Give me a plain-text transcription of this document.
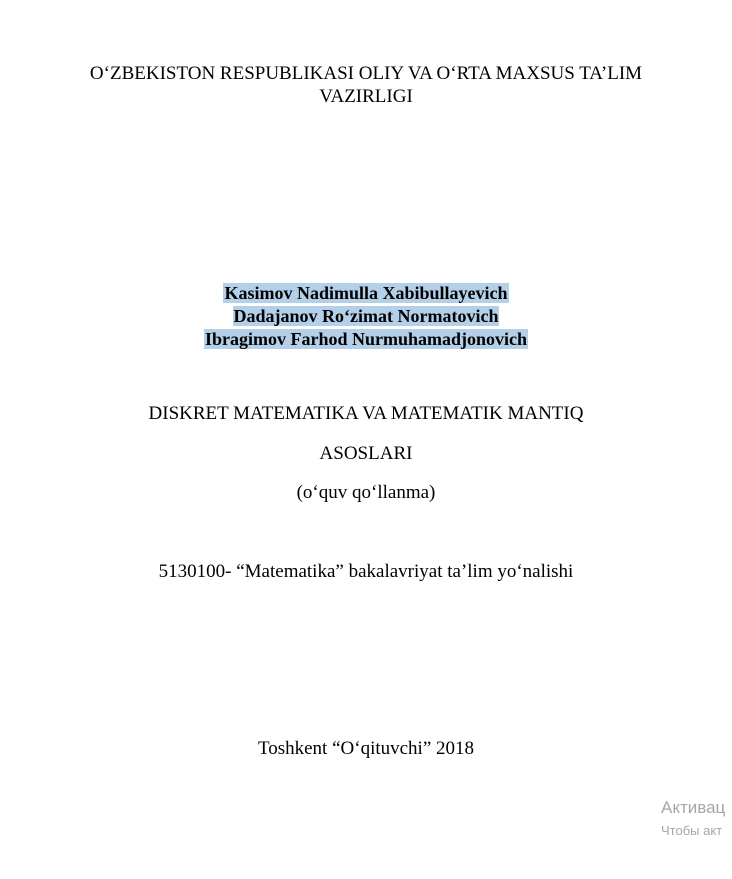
O‘ZBEKISTON RESPUBLIKASI OLIY VA O‘RTA MAXSUS TA’LIM
VAZIRLIGI
Kasimov Nadimulla Xabibullayevich
Dadajanov Ro‘zimat Normatovich
Ibragimov Farhod Nurmuhamadjonovich
DISKRET MATEMATIKA VA MATEMATIK MANTIQ
ASOSLARI
(o‘quv qo‘llanma)
5130100- “Matematika” bakalavriyat ta’lim yo‘nalishi
Toshkent “O‘qituvchi” 2018
Активац
Чтобы акт
